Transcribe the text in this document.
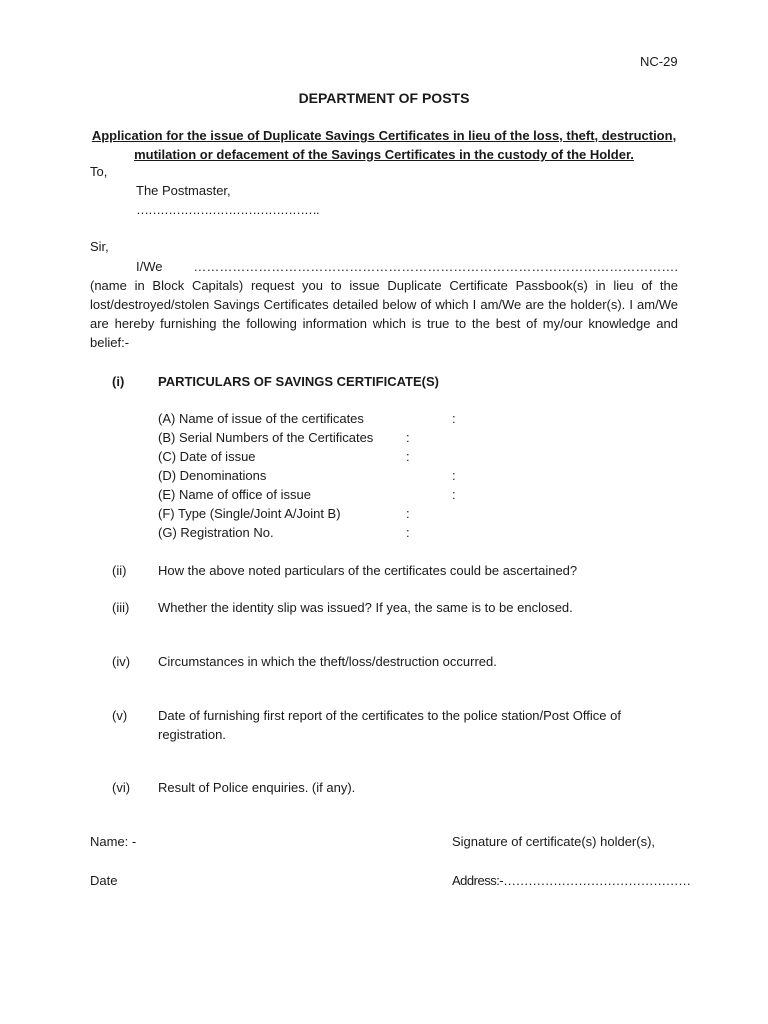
NC-29
DEPARTMENT OF POSTS
Application for the issue of Duplicate Savings Certificates in lieu of the loss, theft, destruction, mutilation or defacement of the Savings Certificates in the custody of the Holder.
To,
The Postmaster,
……………………………………….
Sir,
I/We …………………………………………………………………………………………………. (name in Block Capitals) request you to issue Duplicate Certificate Passbook(s) in lieu of the lost/destroyed/stolen Savings Certificates detailed below of which I am/We are the holder(s). I am/We are hereby furnishing the following information which is true to the best of my/our knowledge and belief:-
(i)	PARTICULARS OF SAVINGS CERTIFICATE(S)
(A) Name of issue of the certificates	:
(B) Serial Numbers of the Certificates	:
(C) Date of issue	:
(D) Denominations	:
(E) Name of office of issue	:
(F) Type (Single/Joint A/Joint B)	:
(G) Registration No.	:
(ii) How the above noted particulars of the certificates could be ascertained?
(iii) Whether the identity slip was issued? If yea, the same is to be enclosed.
(iv) Circumstances in which the theft/loss/destruction occurred.
(v) Date of furnishing first report of the certificates to the police station/Post Office of registration.
(vi) Result of Police enquiries. (if any).
Name: -	Signature of certificate(s) holder(s),
Date	Address:-………………………………………
